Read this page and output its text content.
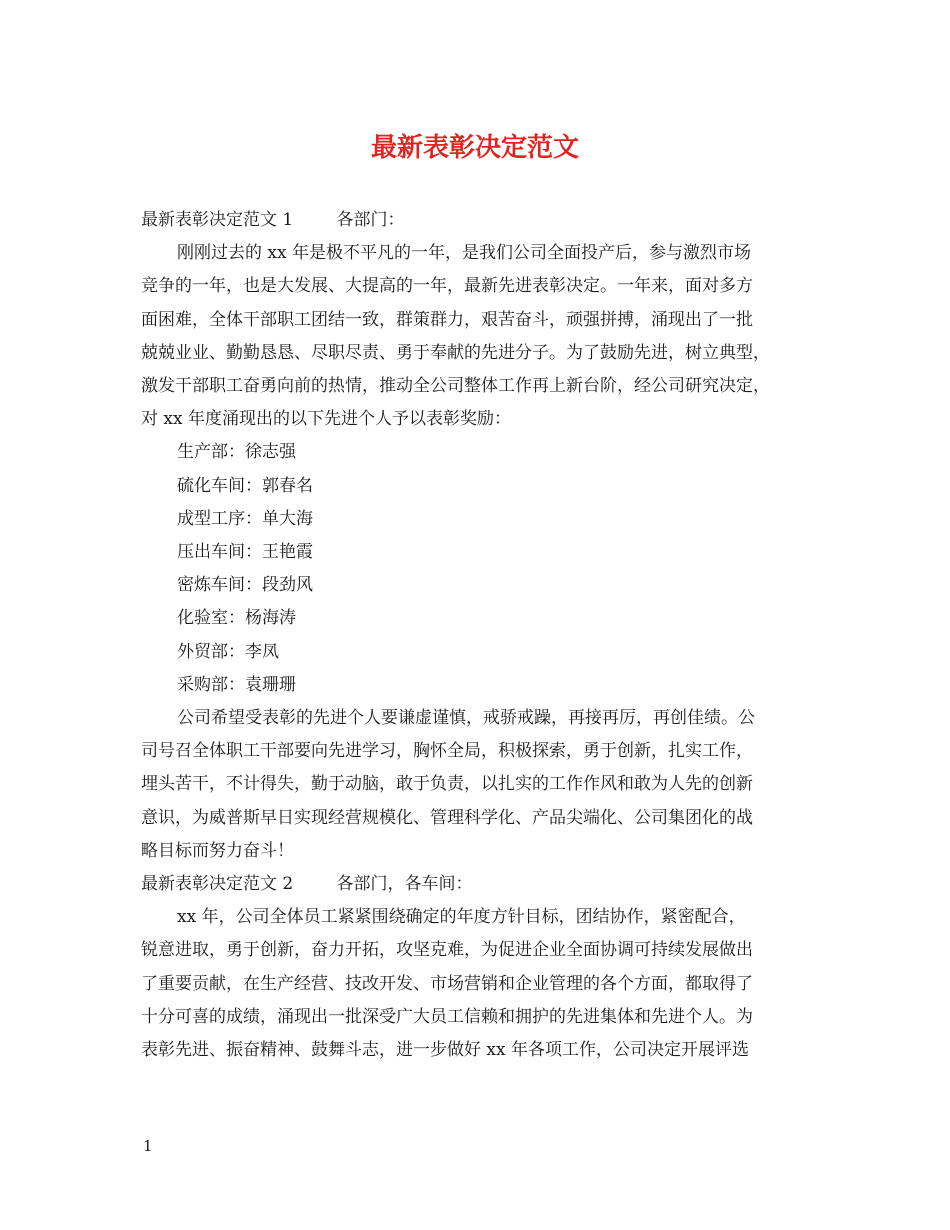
最新表彰决定范文
最新表彰决定范文 1        各部门：
刚刚过去的 xx 年是极不平凡的一年，是我们公司全面投产后，参与激烈市场
竞争的一年，也是大发展、大提高的一年，最新先进表彰决定。一年来，面对多方
面困难，全体干部职工团结一致，群策群力，艰苦奋斗，顽强拼搏，涌现出了一批
兢兢业业、勤勤恳恳、尽职尽责、勇于奉献的先进分子。为了鼓励先进，树立典型，
激发干部职工奋勇向前的热情，推动全公司整体工作再上新台阶，经公司研究决定，
对 xx 年度涌现出的以下先进个人予以表彰奖励：
生产部：徐志强
硫化车间：郭春名
成型工序：单大海
压出车间：王艳霞
密炼车间：段劲风
化验室：杨海涛
外贸部：李凤
采购部：袁珊珊
公司希望受表彰的先进个人要谦虚谨慎，戒骄戒躁，再接再厉，再创佳绩。公
司号召全体职工干部要向先进学习，胸怀全局，积极探索，勇于创新，扎实工作，
埋头苦干，不计得失，勤于动脑，敢于负责，以扎实的工作作风和敢为人先的创新
意识，为威普斯早日实现经营规模化、管理科学化、产品尖端化、公司集团化的战
略目标而努力奋斗！
最新表彰决定范文 2        各部门，各车间：
xx 年，公司全体员工紧紧围绕确定的年度方针目标，团结协作，紧密配合，
锐意进取，勇于创新，奋力开拓，攻坚克难，为促进企业全面协调可持续发展做出
了重要贡献，在生产经营、技改开发、市场营销和企业管理的各个方面，都取得了
十分可喜的成绩，涌现出一批深受广大员工信赖和拥护的先进集体和先进个人。为
表彰先进、振奋精神、鼓舞斗志，进一步做好 xx 年各项工作，公司决定开展评选
1
